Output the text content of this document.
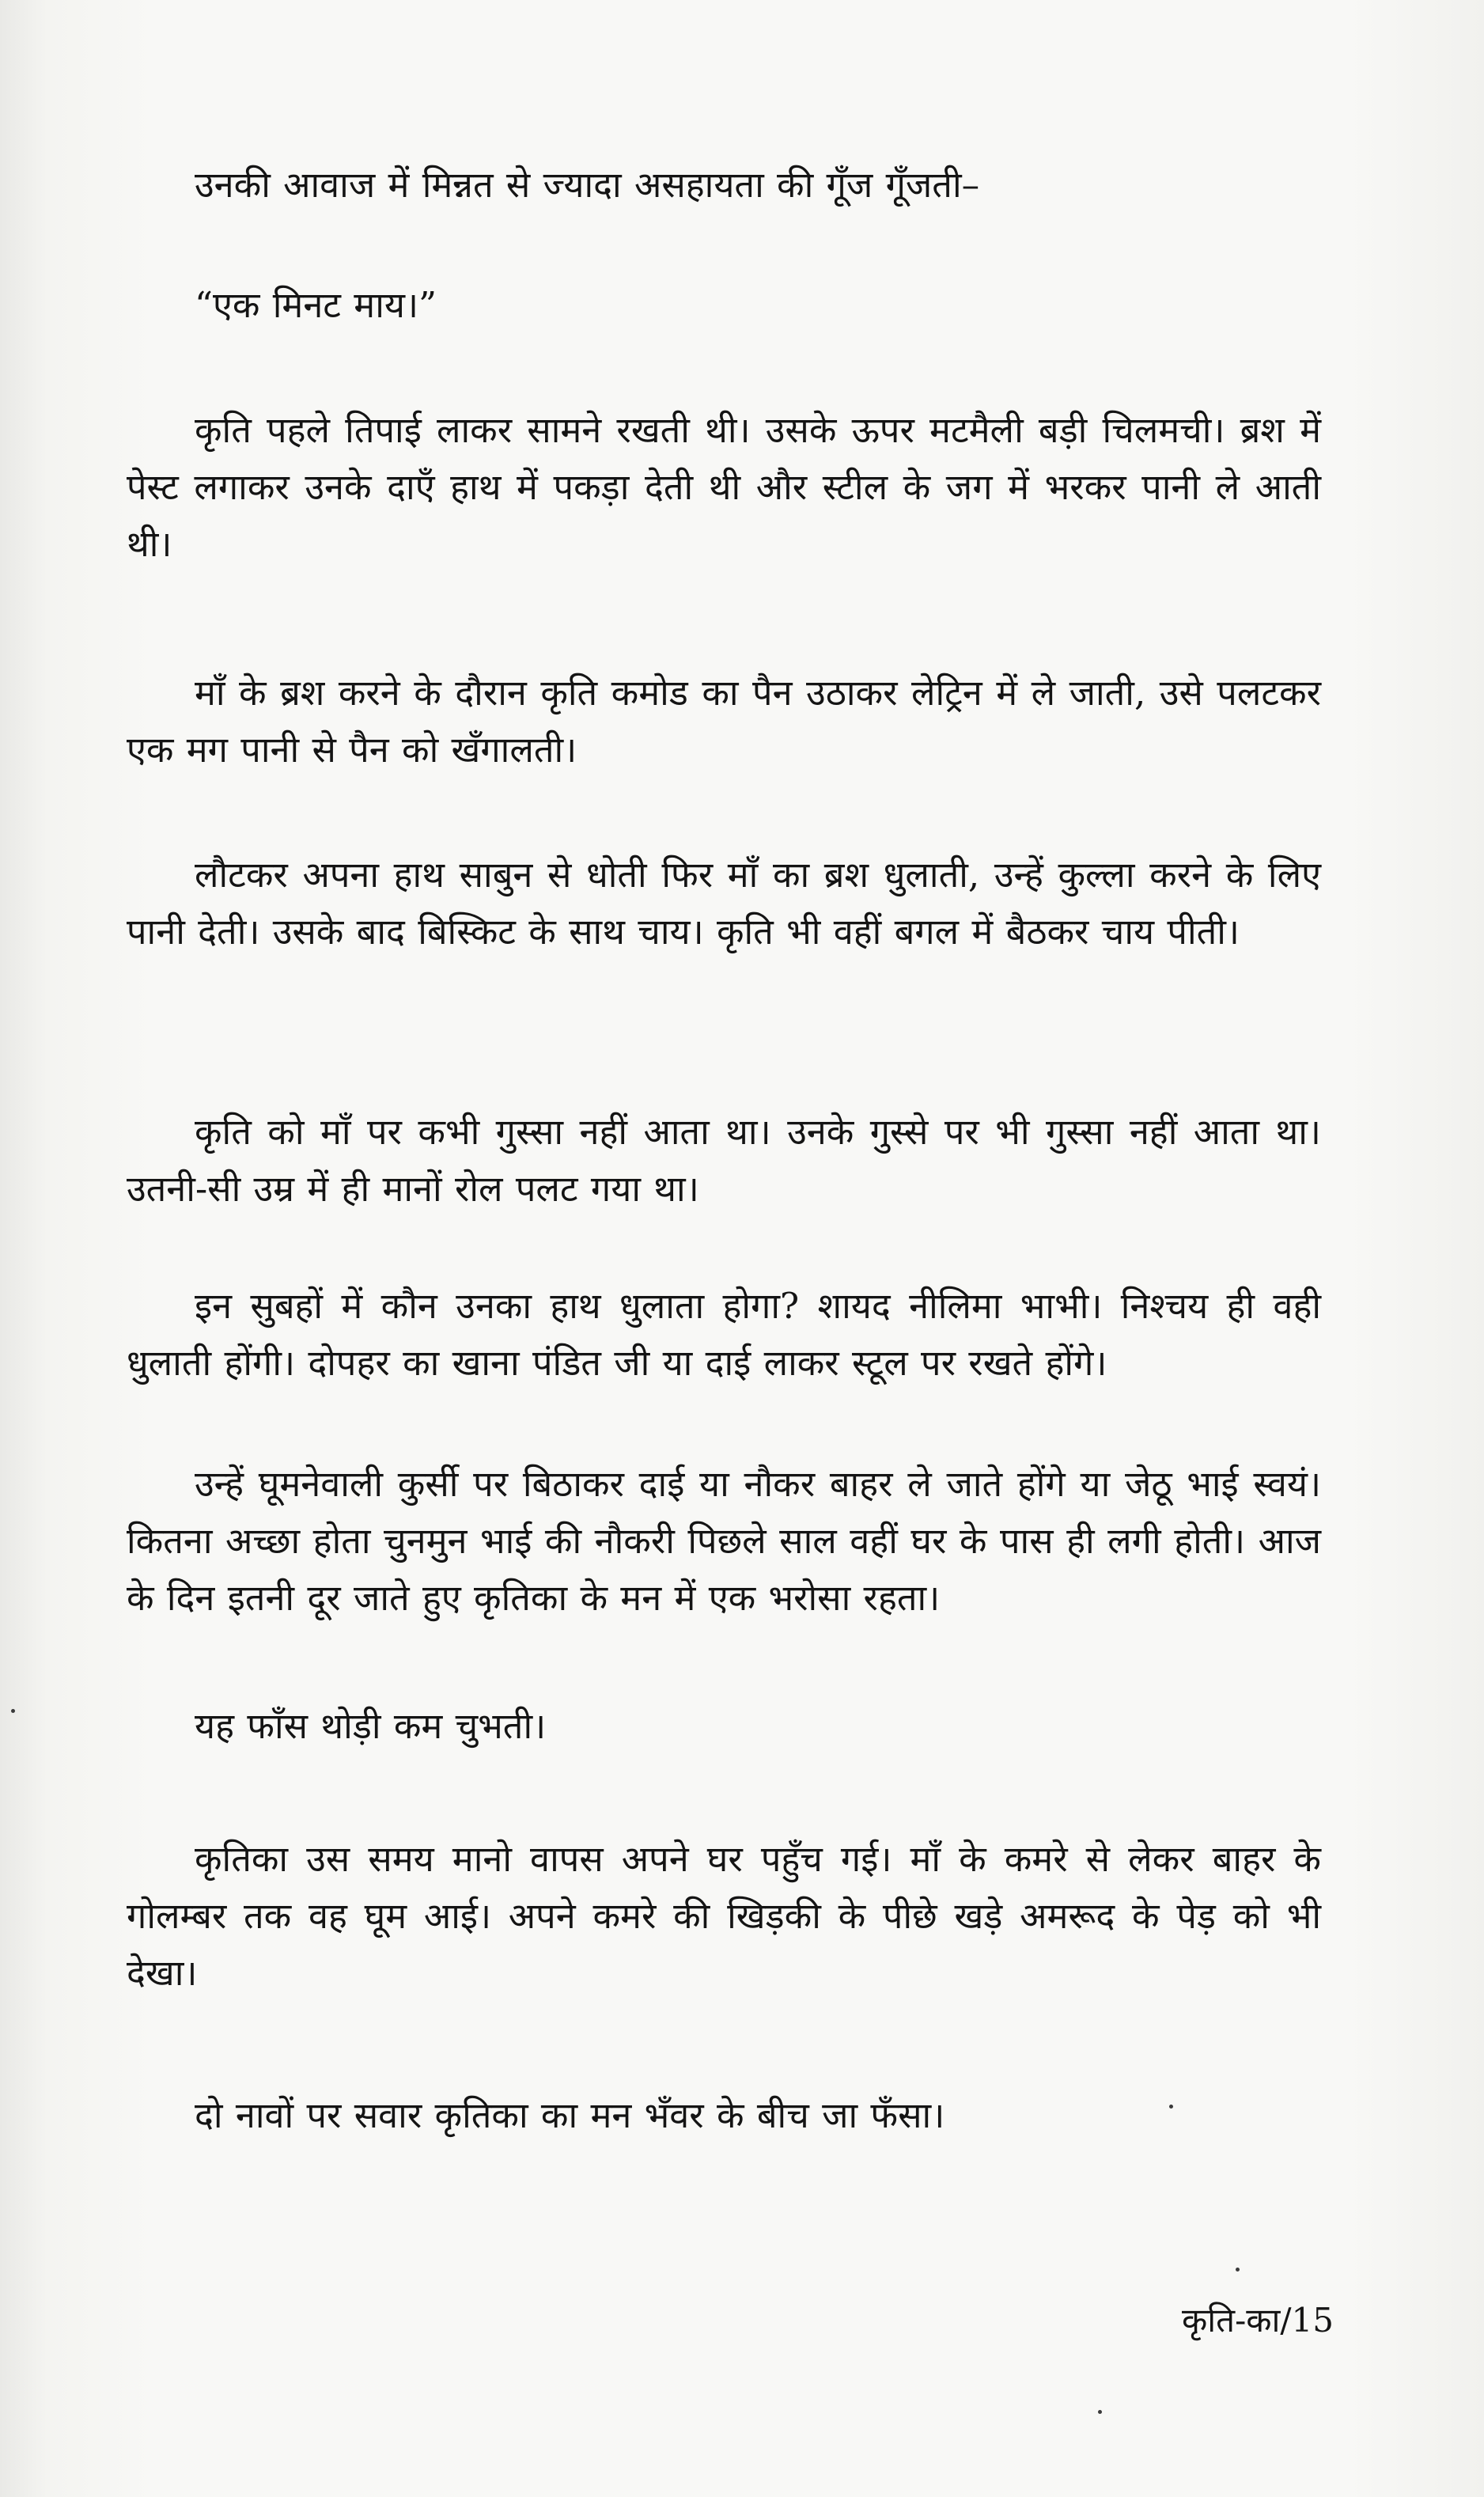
उनकी आवाज में मिन्नत से ज्यादा असहायता की गूँज गूँजती–

“एक मिनट माय।”

कृति पहले तिपाई लाकर सामने रखती थी। उसके ऊपर मटमैली बड़ी चिलमची। ब्रश में पेस्ट लगाकर उनके दाएँ हाथ में पकड़ा देती थी और स्टील के जग में भरकर पानी ले आती थी।

माँ के ब्रश करने के दौरान कृति कमोड का पैन उठाकर लेट्रिन में ले जाती, उसे पलटकर एक मग पानी से पैन को खँगालती।

लौटकर अपना हाथ साबुन से धोती फिर माँ का ब्रश धुलाती, उन्हें कुल्ला करने के लिए पानी देती। उसके बाद बिस्किट के साथ चाय। कृति भी वहीं बगल में बैठकर चाय पीती।

कृति को माँ पर कभी गुस्सा नहीं आता था। उनके गुस्से पर भी गुस्सा नहीं आता था। उतनी-सी उम्र में ही मानों रोल पलट गया था।

इन सुबहों में कौन उनका हाथ धुलाता होगा? शायद नीलिमा भाभी। निश्चय ही वही धुलाती होंगी। दोपहर का खाना पंडित जी या दाई लाकर स्टूल पर रखते होंगे।

उन्हें घूमनेवाली कुर्सी पर बिठाकर दाई या नौकर बाहर ले जाते होंगे या जेठू भाई स्वयं। कितना अच्छा होता चुनमुन भाई की नौकरी पिछले साल वहीं घर के पास ही लगी होती। आज के दिन इतनी दूर जाते हुए कृतिका के मन में एक भरोसा रहता।

यह फाँस थोड़ी कम चुभती।

कृतिका उस समय मानो वापस अपने घर पहुँच गई। माँ के कमरे से लेकर बाहर के गोलम्बर तक वह घूम आई। अपने कमरे की खिड़की के पीछे खड़े अमरूद के पेड़ को भी देखा।

दो नावों पर सवार कृतिका का मन भँवर के बीच जा फँसा।

कृति-का/15
